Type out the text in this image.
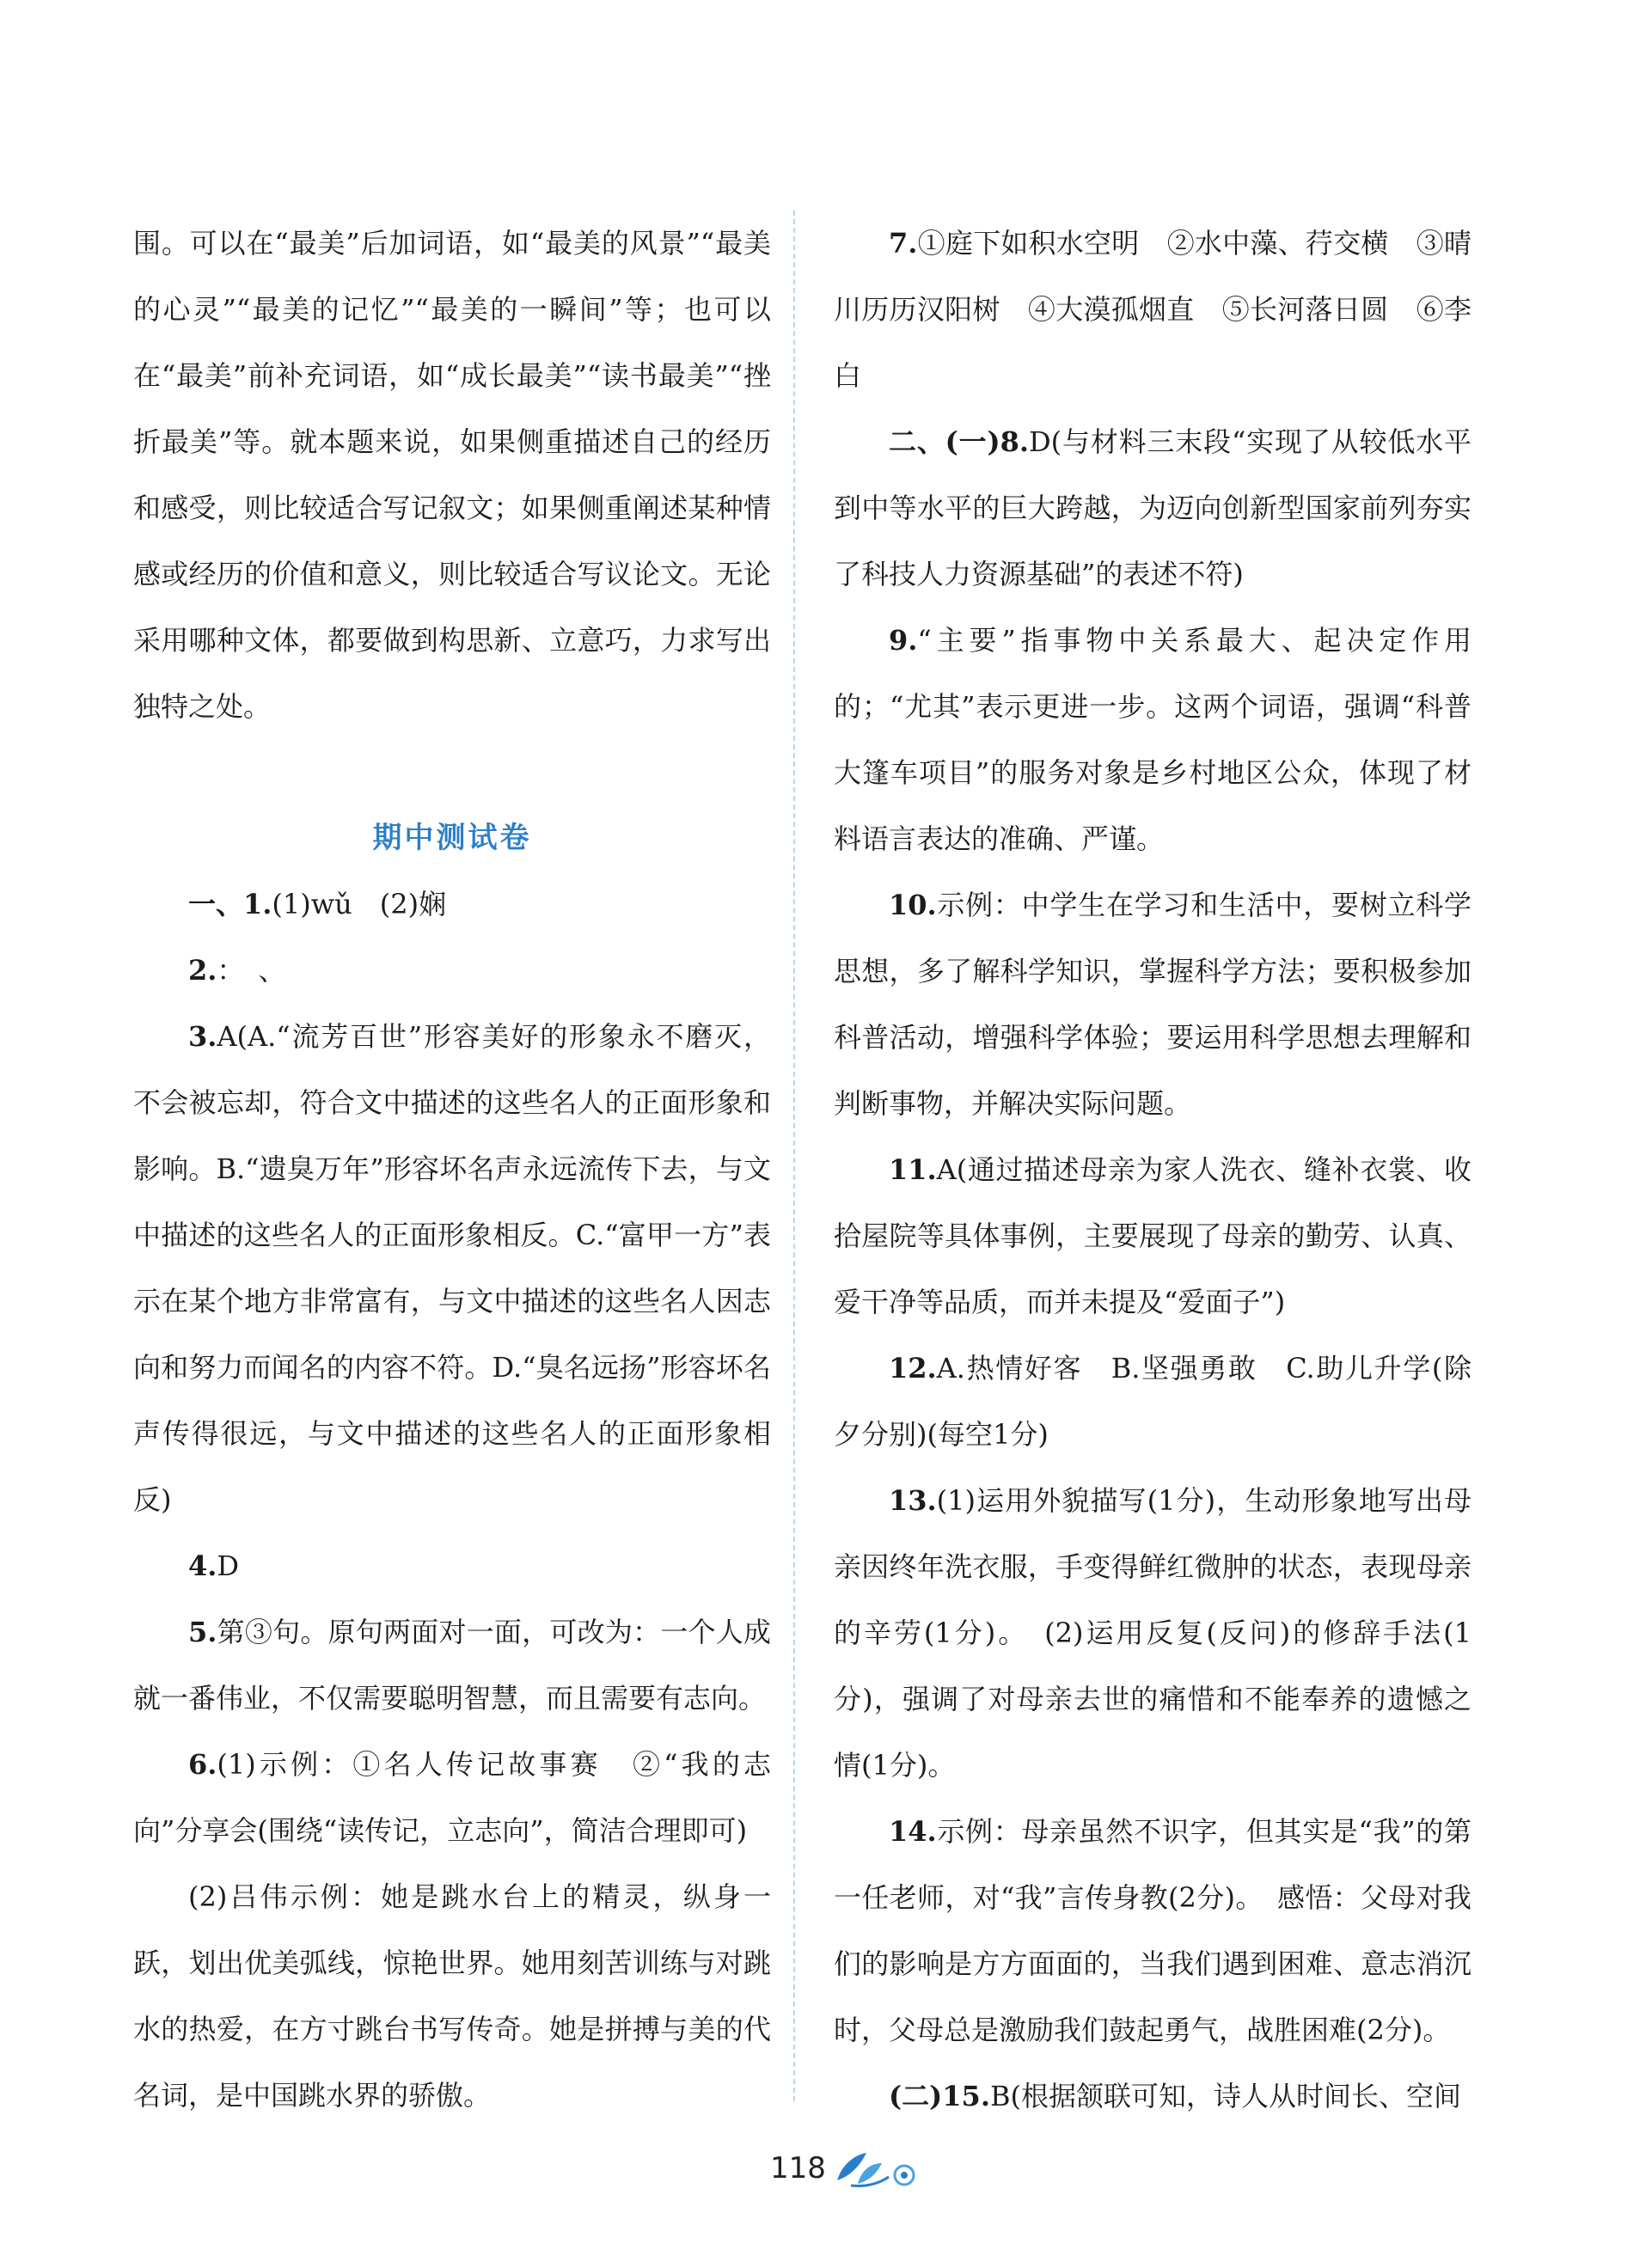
围。可以在“最美”后加词语，如“最美的风景”“最美的心灵”“最美的记忆”“最美的一瞬间”等；也可以在“最美”前补充词语，如“成长最美”“读书最美”“挫折最美”等。就本题来说，如果侧重描述自己的经历和感受，则比较适合写记叙文；如果侧重阐述某种情感或经历的价值和意义，则比较适合写议论文。无论采用哪种文体，都要做到构思新、立意巧，力求写出独特之处。

期中测试卷

一、1.(1)wǔ　(2)娴

2.：　、

3.A(A.“流芳百世”形容美好的形象永不磨灭，不会被忘却，符合文中描述的这些名人的正面形象和影响。B.“遗臭万年”形容坏名声永远流传下去，与文中描述的这些名人的正面形象相反。C.“富甲一方”表示在某个地方非常富有，与文中描述的这些名人因志向和努力而闻名的内容不符。D.“臭名远扬”形容坏名声传得很远，与文中描述的这些名人的正面形象相反)

4.D

5.第③句。原句两面对一面，可改为：一个人成就一番伟业，不仅需要聪明智慧，而且需要有志向。

6.(1)示例：①名人传记故事赛　②“我的志向”分享会(围绕“读传记，立志向”，简洁合理即可)

(2)吕伟示例：她是跳水台上的精灵，纵身一跃，划出优美弧线，惊艳世界。她用刻苦训练与对跳水的热爱，在方寸跳台书写传奇。她是拼搏与美的代名词，是中国跳水界的骄傲。

7.①庭下如积水空明　②水中藻、荇交横　③晴川历历汉阳树　④大漠孤烟直　⑤长河落日圆　⑥李白

二、(一)8.D(与材料三末段“实现了从较低水平到中等水平的巨大跨越，为迈向创新型国家前列夯实了科技人力资源基础”的表述不符)

9.“主要”指事物中关系最大、起决定作用的；“尤其”表示更进一步。这两个词语，强调“科普大篷车项目”的服务对象是乡村地区公众，体现了材料语言表达的准确、严谨。

10.示例：中学生在学习和生活中，要树立科学思想，多了解科学知识，掌握科学方法；要积极参加科普活动，增强科学体验；要运用科学思想去理解和判断事物，并解决实际问题。

11.A(通过描述母亲为家人洗衣、缝补衣裳、收拾屋院等具体事例，主要展现了母亲的勤劳、认真、爱干净等品质，而并未提及“爱面子”)

12.A.热情好客　B.坚强勇敢　C.助儿升学(除夕分别)(每空1分)

13.(1)运用外貌描写(1分)，生动形象地写出母亲因终年洗衣服，手变得鲜红微肿的状态，表现母亲的辛劳(1分)。　(2)运用反复(反问)的修辞手法(1分)，强调了对母亲去世的痛惜和不能奉养的遗憾之情(1分)。

14.示例：母亲虽然不识字，但其实是“我”的第一任老师，对“我”言传身教(2分)。　感悟：父母对我们的影响是方方面面的，当我们遇到困难、意志消沉时，父母总是激励我们鼓起勇气，战胜困难(2分)。

(二)15.B(根据颔联可知，诗人从时间长、空间

118
